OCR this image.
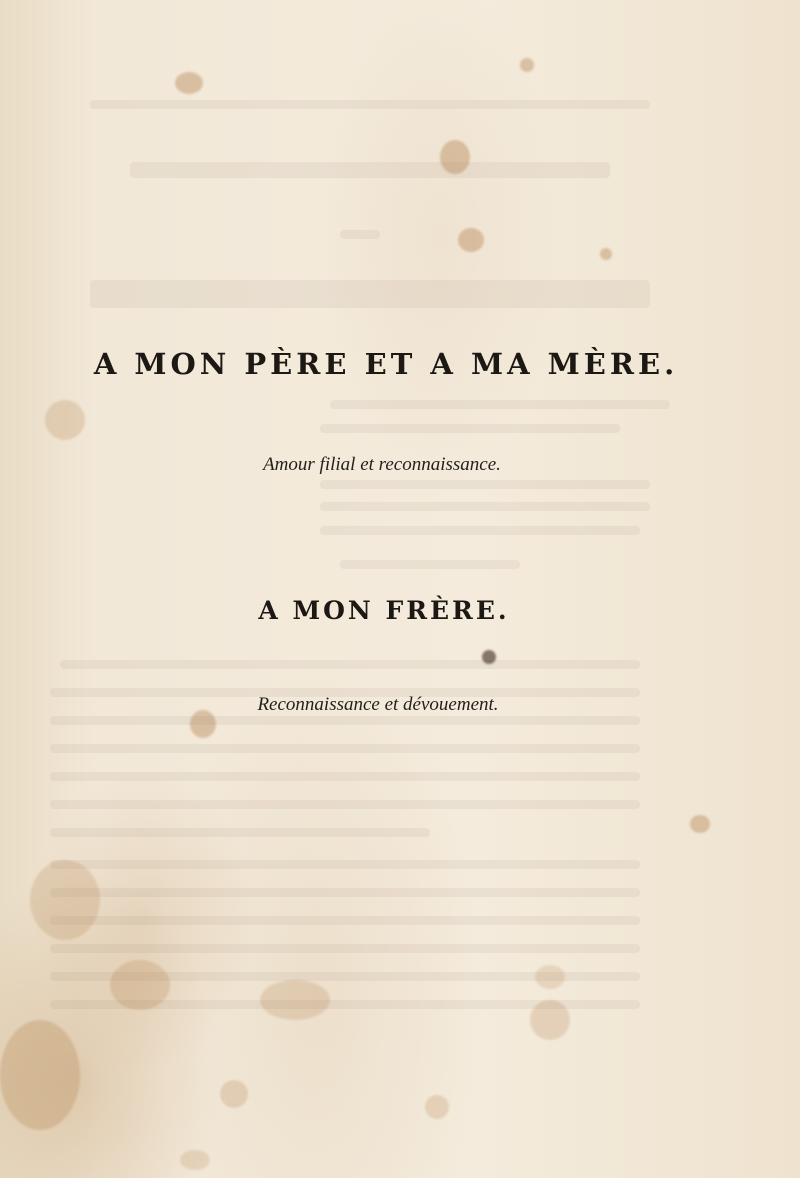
A MON PÈRE ET A MA MÈRE.
Amour filial et reconnaissance.
A MON FRÈRE.
Reconnaissance et dévouement.
